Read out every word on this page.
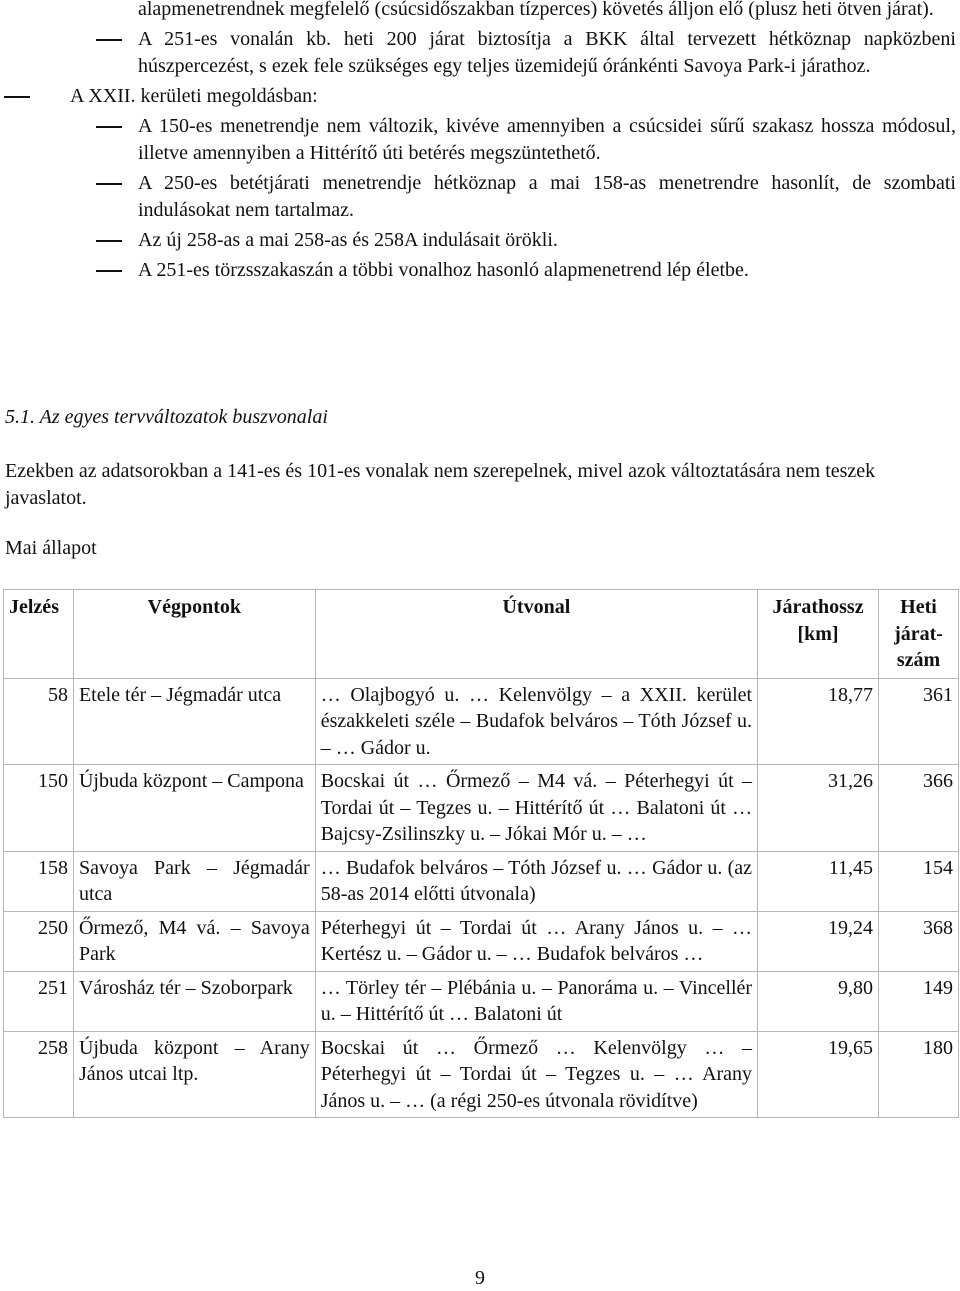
alapmenetrendnek megfelelő (csúcsidőszakban tízperces) követés álljon elő (plusz heti ötven járat).
A 251-es vonalán kb. heti 200 járat biztosítja a BKK által tervezett hétköznap napközbeni húszpercezést, s ezek fele szükséges egy teljes üzemidejű óránkénti Savoya Park-i járathoz.
A XXII. kerületi megoldásban:
A 150-es menetrendje nem változik, kivéve amennyiben a csúcsidei sűrű szakasz hossza módosul, illetve amennyiben a Hittérítő úti betérés megszüntethető.
A 250-es betétjárati menetrendje hétköznap a mai 158-as menetrendre hasonlít, de szombati indulásokat nem tartalmaz.
Az új 258-as a mai 258-as és 258A indulásait örökli.
A 251-es törzsszakaszán a többi vonalhoz hasonló alapmenetrend lép életbe.
5.1. Az egyes tervváltozatok buszvonalai
Ezekben az adatsorokban a 141-es és 101-es vonalak nem szerepelnek, mivel azok változtatására nem teszek javaslatot.
Mai állapot
Jelzés	Végpontok	Útvonal	Járathossz [km]	Heti járat-szám
58	Etele tér – Jégmadár utca	… Olajbogyó u. … Kelenvölgy – a XXII. kerület északkeleti széle – Budafok belváros – Tóth József u. – … Gádor u.	18,77	361
150	Újbuda központ – Campona	Bocskai út … Őrmező – M4 vá. – Péterhegyi út – Tordai út – Tegzes u. – Hittérítő út … Balatoni út … Bajcsy-Zsilinszky u. – Jókai Mór u. – …	31,26	366
158	Savoya Park – Jégmadár utca	… Budafok belváros – Tóth József u. … Gádor u. (az 58-as 2014 előtti útvonala)	11,45	154
250	Őrmező, M4 vá. – Savoya Park	Péterhegyi út – Tordai út … Arany János u. – … Kertész u. – Gádor u. – … Budafok belváros …	19,24	368
251	Városház tér – Szoborpark	… Törley tér – Plébánia u. – Panoráma u. – Vincellér u. – Hittérítő út … Balatoni út	9,80	149
258	Újbuda központ – Arany János utcai ltp.	Bocskai út … Őrmező … Kelenvölgy … – Péterhegyi út – Tordai út – Tegzes u. – … Arany János u. – … (a régi 250-es útvonala rövidítve)	19,65	180
9
